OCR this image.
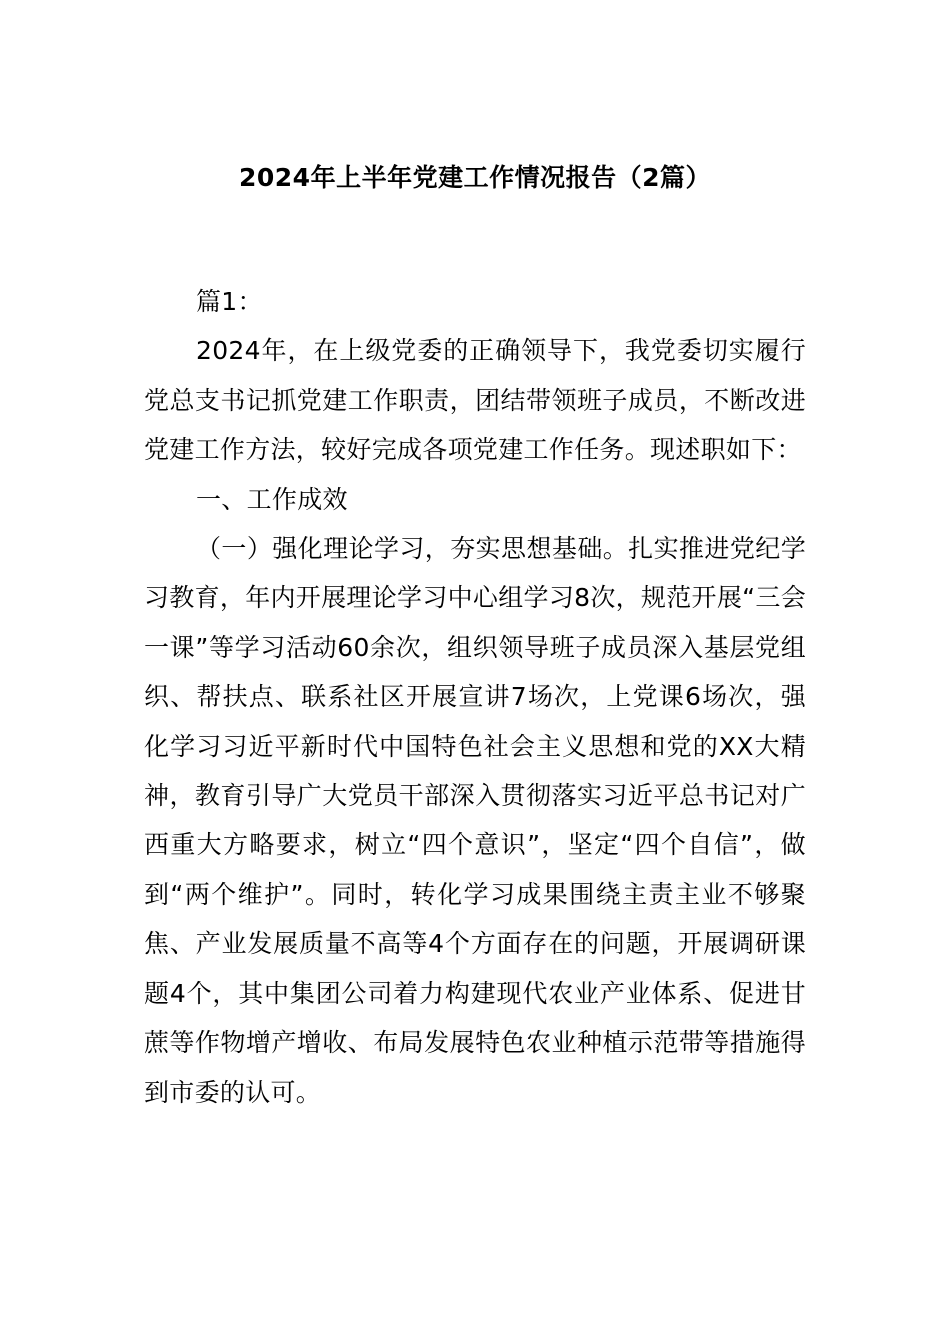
2024年上半年党建工作情况报告（2篇）

篇1：

2024年，在上级党委的正确领导下，我党委切实履行党总支书记抓党建工作职责，团结带领班子成员，不断改进党建工作方法，较好完成各项党建工作任务。现述职如下：

一、工作成效

（一）强化理论学习，夯实思想基础。扎实推进党纪学习教育，年内开展理论学习中心组学习8次，规范开展“三会一课”等学习活动60余次，组织领导班子成员深入基层党组织、帮扶点、联系社区开展宣讲7场次，上党课6场次，强化学习习近平新时代中国特色社会主义思想和党的XX大精神，教育引导广大党员干部深入贯彻落实习近平总书记对广西重大方略要求，树立“四个意识”，坚定“四个自信”，做到“两个维护”。同时，转化学习成果围绕主责主业不够聚焦、产业发展质量不高等4个方面存在的问题，开展调研课题4个，其中集团公司着力构建现代农业产业体系、促进甘蔗等作物增产增收、布局发展特色农业种植示范带等措施得到市委的认可。
